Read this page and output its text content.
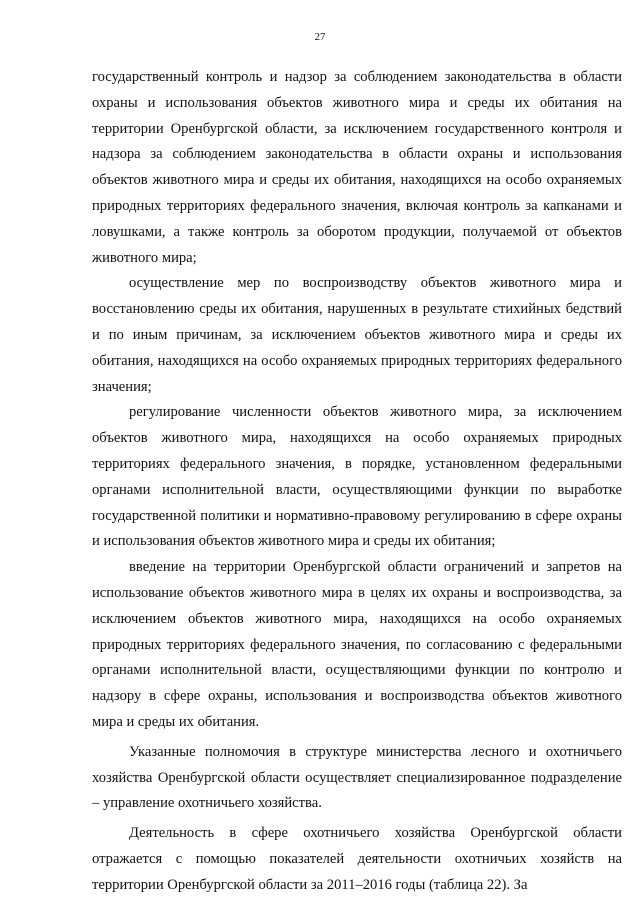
27

государственный контроль и надзор за соблюдением законодательства в области охраны и использования объектов животного мира и среды их обитания на территории Оренбургской области, за исключением государственного контроля и надзора за соблюдением законодательства в области охраны и использования объектов животного мира и среды их обитания, находящихся на особо охраняемых природных территориях федерального значения, включая контроль за капканами и ловушками, а также контроль за оборотом продукции, получаемой от объектов животного мира;

осуществление мер по воспроизводству объектов животного мира и восстановлению среды их обитания, нарушенных в результате стихийных бедствий и по иным причинам, за исключением объектов животного мира и среды их обитания, находящихся на особо охраняемых природных территориях федерального значения;

регулирование численности объектов животного мира, за исключением объектов животного мира, находящихся на особо охраняемых природных территориях федерального значения, в порядке, установленном федеральными органами исполнительной власти, осуществляющими функции по выработке государственной политики и нормативно-правовому регулированию в сфере охраны и использования объектов животного мира и среды их обитания;

введение на территории Оренбургской области ограничений и запретов на использование объектов животного мира в целях их охраны и воспроизводства, за исключением объектов животного мира, находящихся на особо охраняемых природных территориях федерального значения, по согласованию с федеральными органами исполнительной власти, осуществляющими функции по контролю и надзору в сфере охраны, использования и воспроизводства объектов животного мира и среды их обитания.

Указанные полномочия в структуре министерства лесного и охотничьего хозяйства Оренбургской области осуществляет специализированное подразделение – управление охотничьего хозяйства.

Деятельность в сфере охотничьего хозяйства Оренбургской области отражается с помощью показателей деятельности охотничьих хозяйств на территории Оренбургской области за 2011–2016 годы (таблица 22). За
